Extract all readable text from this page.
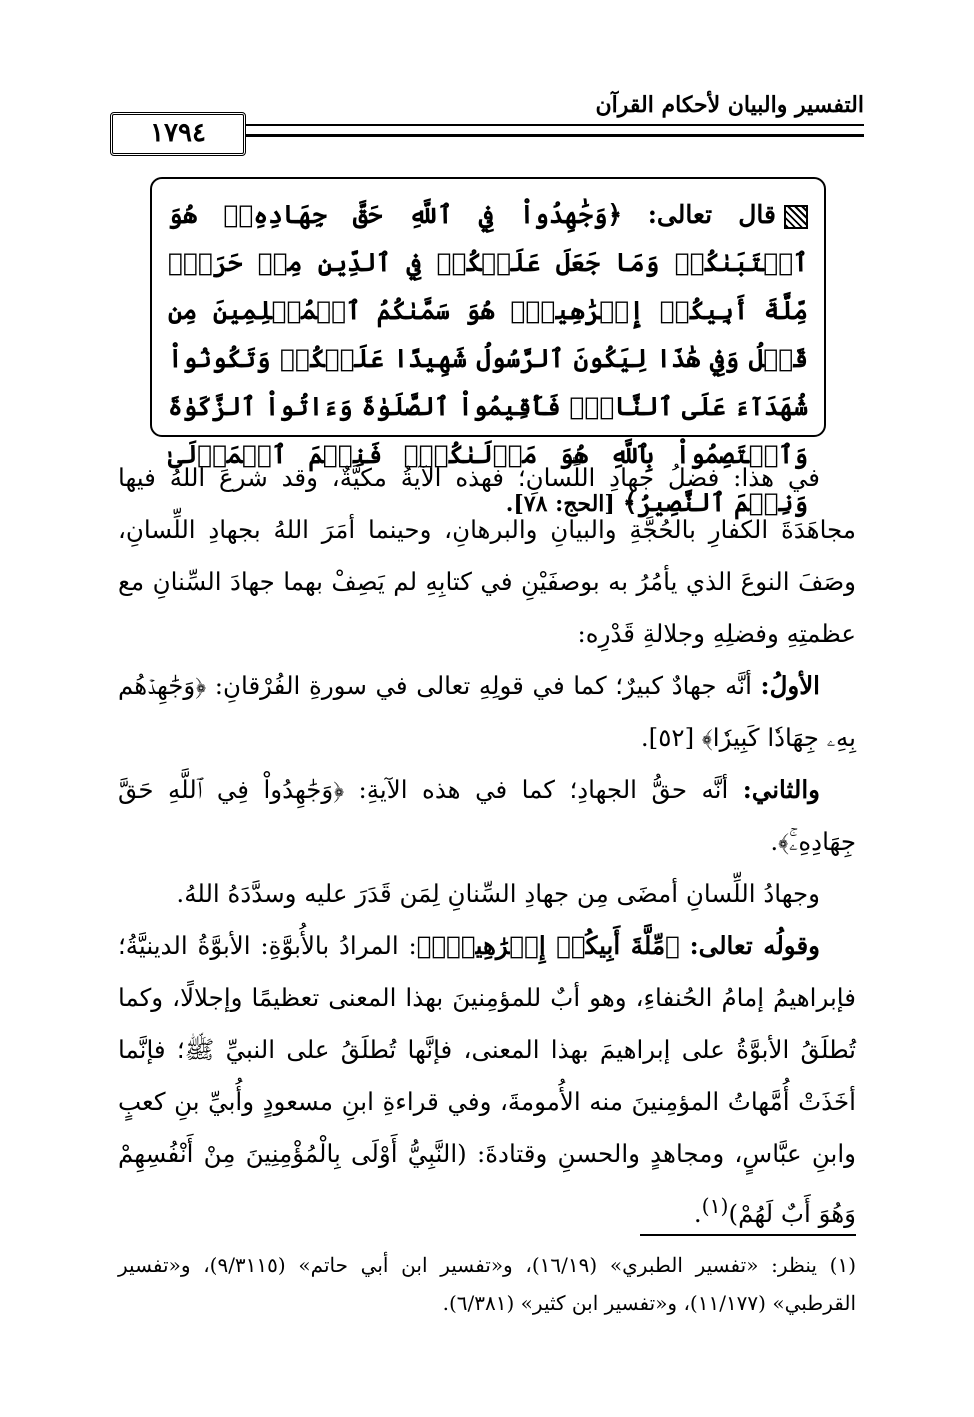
التفسير والبيان لأحكام القرآن
١٧٩٤
قال تعالى: ﴿وَجَٰهِدُواْ فِي ٱللَّهِ حَقَّ جِهَادِهِۦۚ هُوَ ٱجۡتَبَىٰكُمۡ وَمَا جَعَلَ عَلَيۡكُمۡ فِي ٱلدِّينِ مِنۡ حَرَجٖۚ مِّلَّةَ أَبِيكُمۡ إِبۡرَٰهِيمَۚ هُوَ سَمَّىٰكُمُ ٱلۡمُسۡلِمِينَ مِن قَبۡلُ وَفِي هَٰذَا لِيَكُونَ ٱلرَّسُولُ شَهِيدًا عَلَيۡكُمۡ وَتَكُونُواْ شُهَدَآءَ عَلَى ٱلنَّاسِۚ فَأَقِيمُواْ ٱلصَّلَوٰةَ وَءَاتُواْ ٱلزَّكَوٰةَ وَٱعۡتَصِمُواْ بِٱللَّهِ هُوَ مَوۡلَىٰكُمۡۖ فَنِعۡمَ ٱلۡمَوۡلَىٰ وَنِعۡمَ ٱلنَّصِيرُ﴾ [الحج: ٧٨].

في هذا: فضلُ جهادِ اللِّسانِ؛ فهذه الآيةُ مكيَّةٌ، وقد شرعَ اللهُ فيها مجاهَدَةَ الكفارِ بالحُجَّةِ والبيانِ والبرهانِ، وحينما أمَرَ اللهُ بجهادِ اللِّسانِ، وصَفَ النوعَ الذي يأمُرُ به بوصفَيْنِ في كتابِهِ لم يَصِفْ بهما جهادَ السِّنانِ مع عظمتِهِ وفضلِهِ وجلالةِ قَدْرِه:

الأولُ: أنَّه جهادٌ كبيرٌ؛ كما في قولِهِ تعالى في سورةِ الفُرْقانِ: ﴿وَجَٰهِدۡهُم بِهِۦ جِهَادٗا كَبِيرٗا﴾ [٥٢].

والثاني: أنَّه حقُّ الجهادِ؛ كما في هذه الآيةِ: ﴿وَجَٰهِدُواْ فِي ٱللَّهِ حَقَّ جِهَادِهِۦۚ﴾.

وجهادُ اللِّسانِ أمضَى مِن جهادِ السِّنانِ لِمَن قَدَرَ عليه وسدَّدَهُ اللهُ.

وقولُه تعالى: ﴿مِّلَّةَ أَبِيكُمۡ إِبۡرَٰهِيمَۚ﴾: المرادُ بالأُبوَّةِ: الأبوَّةُ الدينيَّةُ؛ فإبراهيمُ إمامُ الحُنفاءِ، وهو أبٌ للمؤمِنينَ بهذا المعنى تعظيمًا وإجلالًا، وكما تُطلَقُ الأبوَّةُ على إبراهيمَ بهذا المعنى، فإنَّها تُطلَقُ على النبيِّ ﷺ؛ فإنَّما أخَذَتْ أُمَّهاتُ المؤمِنينَ منه الأُمومةَ، وفي قراءةِ ابنِ مسعودٍ وأُبيِّ بنِ كعبٍ وابنِ عبَّاسٍ، ومجاهدٍ والحسنِ وقتادةَ: (النَّبِيُّ أَوْلَى بِالْمُؤْمِنِينَ مِنْ أَنْفُسِهِمْ وَهُوَ أَبٌ لَهُمْ)$^{(١)}$.

(١) ينظر: «تفسير الطبري» (١٦/١٩)، و«تفسير ابن أبي حاتم» (٩/٣١١٥)، و«تفسير القرطبي» (١١/١٧٧)، و«تفسير ابن كثير» (٦/٣٨١).
